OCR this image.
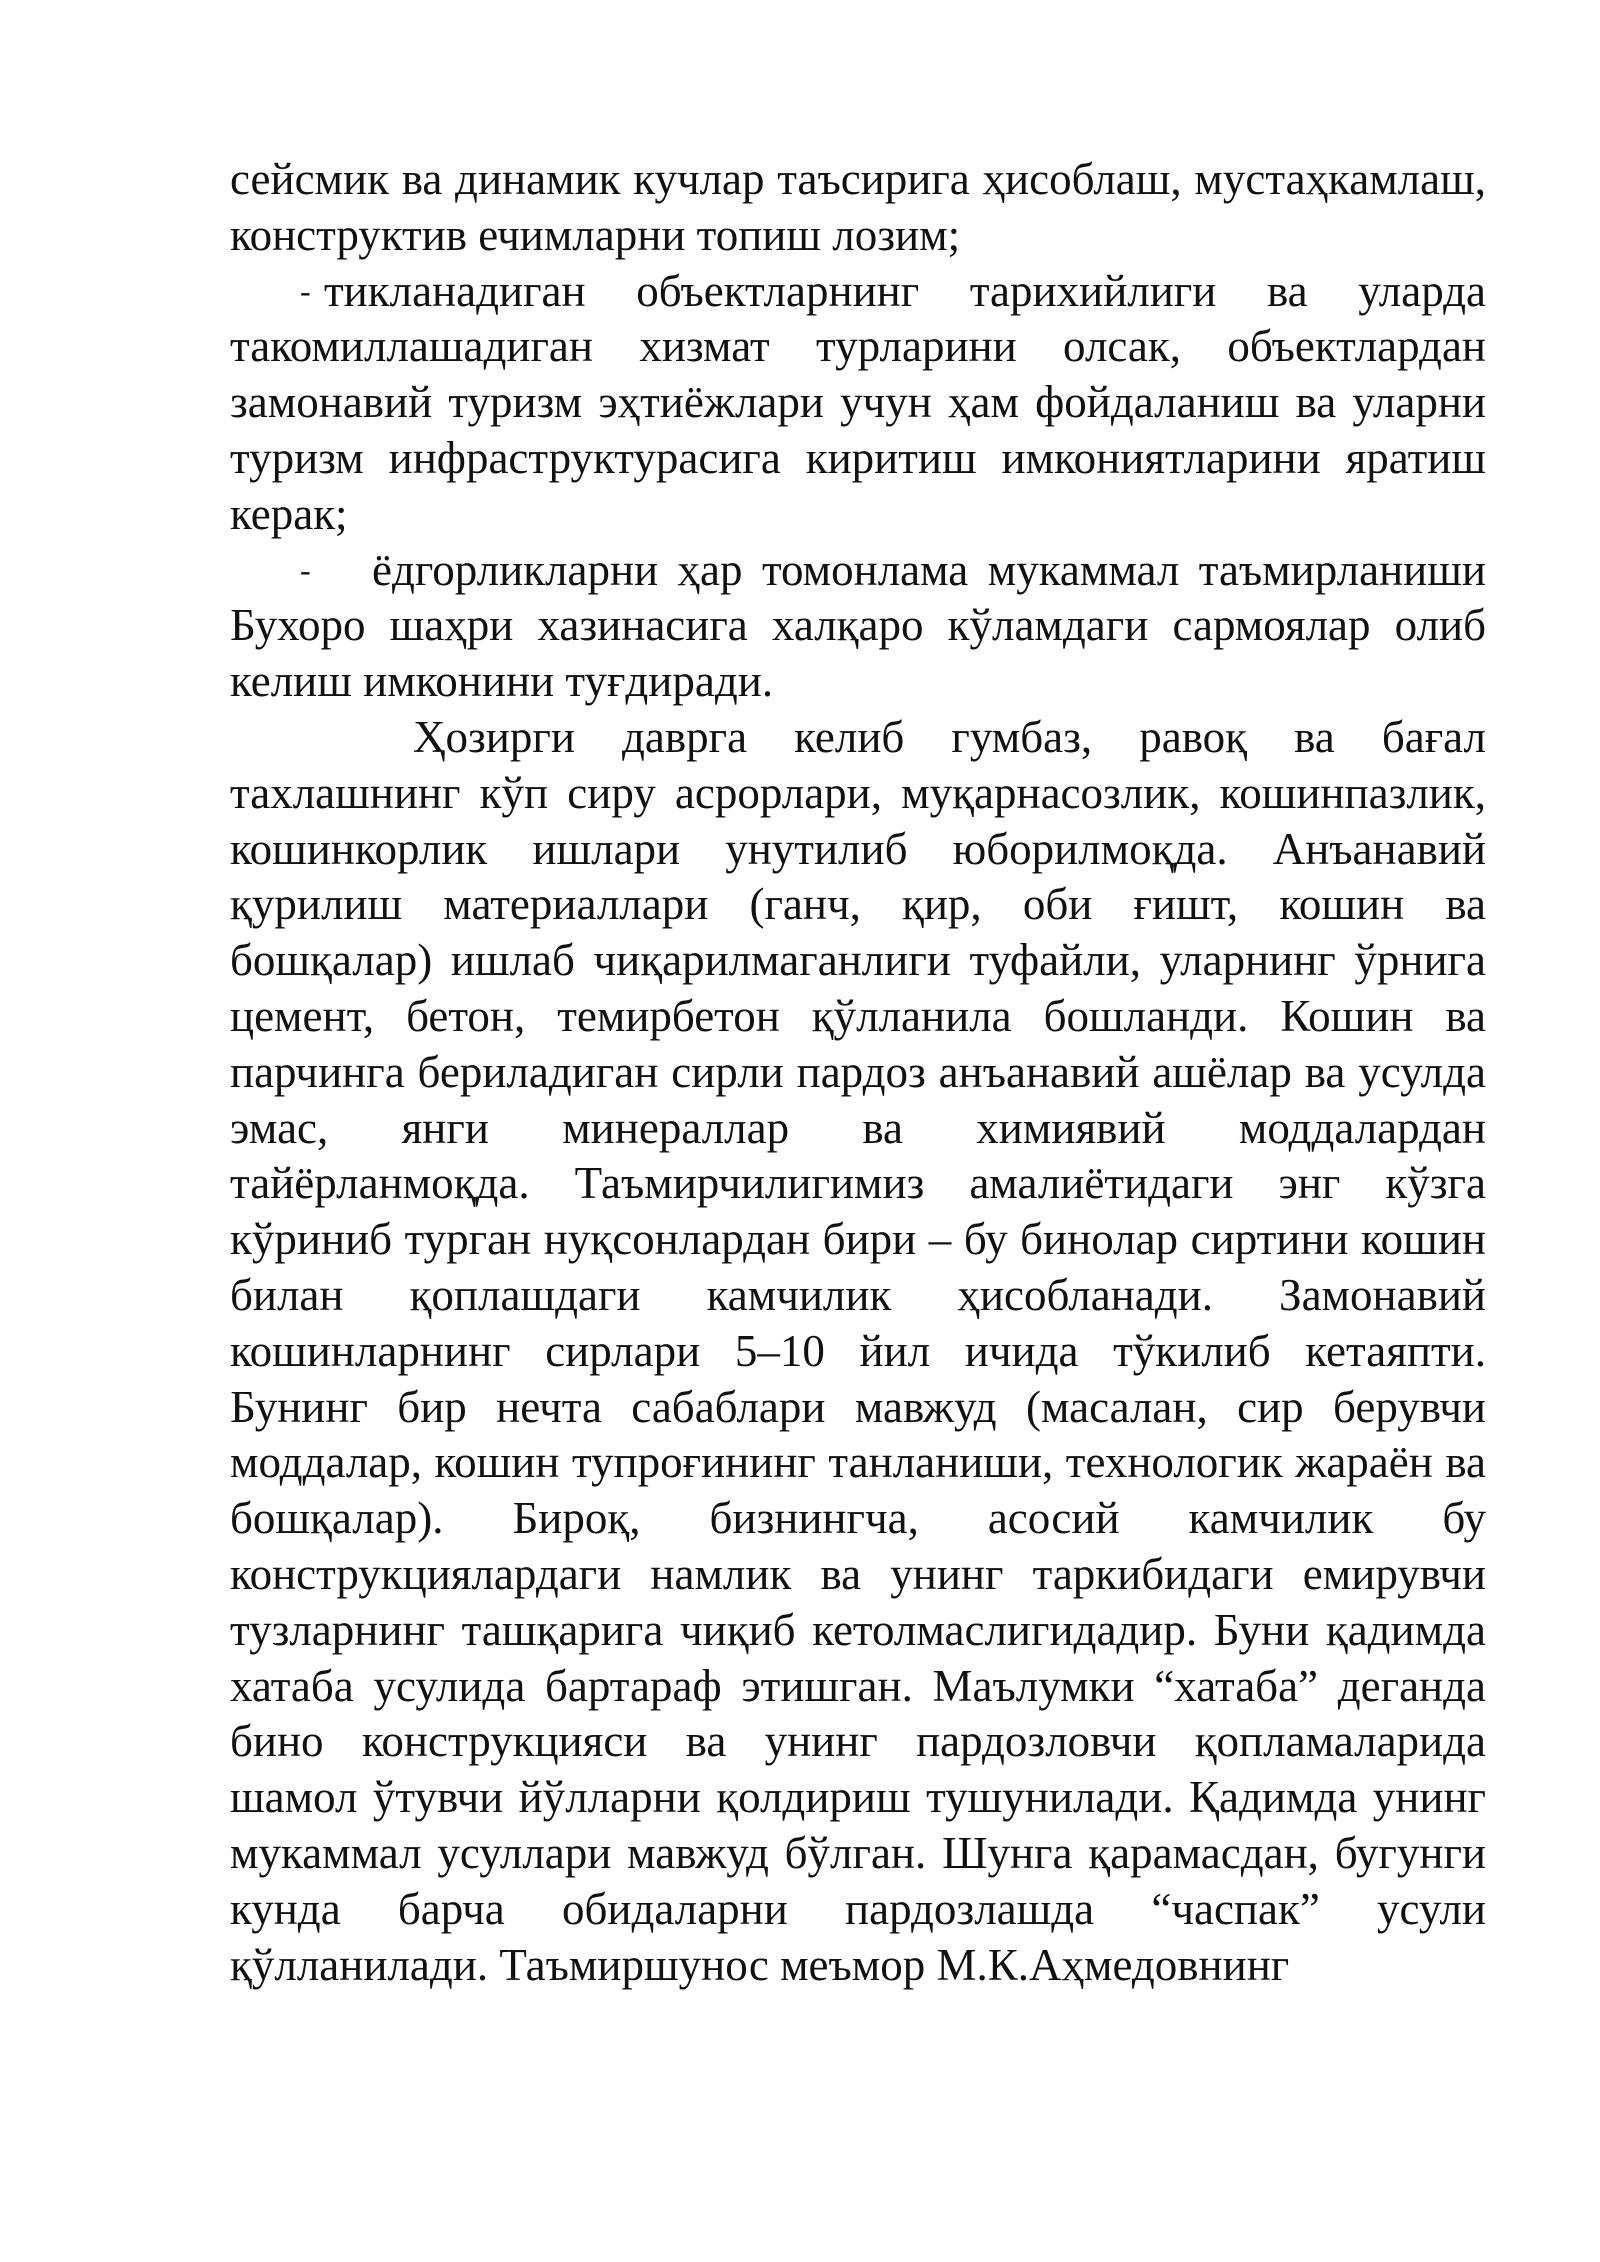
сейсмик ва динамик кучлар таъсирига ҳисоблаш, мустаҳкамлаш, конструктив ечимларни топиш лозим;

- тикланадиган объектларнинг тарихийлиги ва уларда такомиллашадиган хизмат турларини олсак, объектлардан замонавий туризм эҳтиёжлари учун ҳам фойдаланиш ва уларни туризм инфраструктурасига киритиш имкониятларини яратиш керак;

- ёдгорликларни ҳар томонлама мукаммал таъмирланиши Бухоро шаҳри хазинасига халқаро кўламдаги сармоялар олиб келиш имконини туғдиради.

Ҳозирги даврга келиб гумбаз, равоқ ва бағал тахлашнинг кўп сиру асрорлари, муқарнасозлик, кошинпазлик, кошинкорлик ишлари унутилиб юборилмоқда. Анъанавий қурилиш материаллари (ганч, қир, оби ғишт, кошин ва бошқалар) ишлаб чиқарилмаганлиги туфайли, уларнинг ўрнига цемент, бетон, темирбетон қўлланила бошланди. Кошин ва парчинга бериладиган сирли пардоз анъанавий ашёлар ва усулда эмас, янги минераллар ва химиявий моддалардан тайёрланмоқда. Таъмирчилигимиз амалиётидаги энг кўзга кўриниб турган нуқсонлардан бири – бу бинолар сиртини кошин билан қоплашдаги камчилик ҳисобланади. Замонавий кошинларнинг сирлари 5–10 йил ичида тўкилиб кетаяпти. Бунинг бир нечта сабаблари мавжуд (масалан, сир берувчи моддалар, кошин тупроғининг танланиши, технологик жараён ва бошқалар). Бироқ, бизнингча, асосий камчилик бу конструкциялардаги намлик ва унинг таркибидаги емирувчи тузларнинг ташқарига чиқиб кетолмаслигидадир. Буни қадимда хатаба усулида бартараф этишган. Маълумки “хатаба” деганда бино конструкцияси ва унинг пардозловчи қопламаларида шамол ўтувчи йўлларни қолдириш тушунилади. Қадимда унинг мукаммал усуллари мавжуд бўлган. Шунга қарамасдан, бугунги кунда барча обидаларни пардозлашда “часпак” усули қўлланилади. Таъмиршунос меъмор М.К.Аҳмедовнинг
